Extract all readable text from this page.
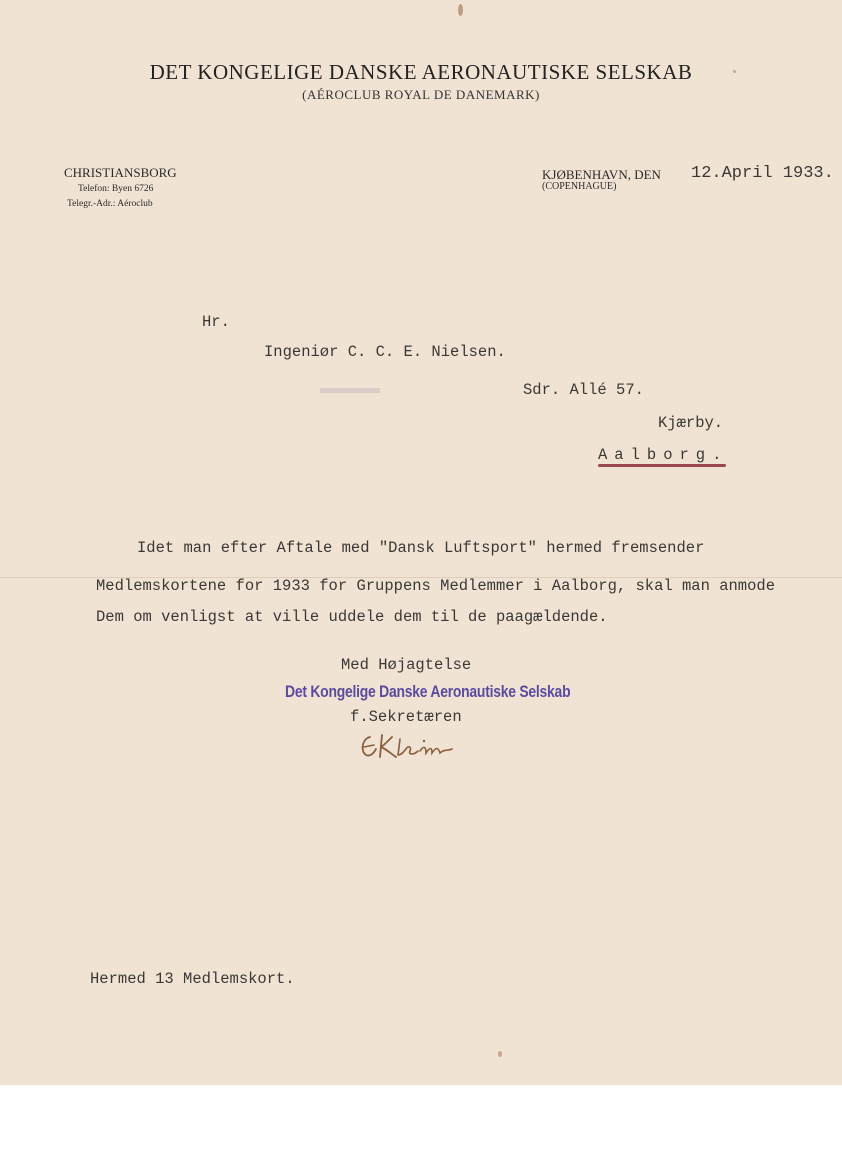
DET KONGELIGE DANSKE AERONAUTISKE SELSKAB
(AÉROCLUB ROYAL DE DANEMARK)
CHRISTIANSBORG
Telefon: Byen 6726
Telegr.-Adr.: Aéroclub
KJØBENHAVN, DEN
(COPENHAGUE)
12.April 1933.
Hr.
Ingeniør C. C. E. Nielsen.
Sdr. Allé 57.
Kjærby.
Aalborg.
Idet man efter Aftale med "Dansk Luftsport" hermed fremsender
Medlemskortene for 1933 for Gruppens Medlemmer i Aalborg, skal man anmode
Dem om venligst at ville uddele dem til de paagældende.
Med Højagtelse
Det Kongelige Danske Aeronautiske Selskab
f.Sekretæren
Hermed 13 Medlemskort.
